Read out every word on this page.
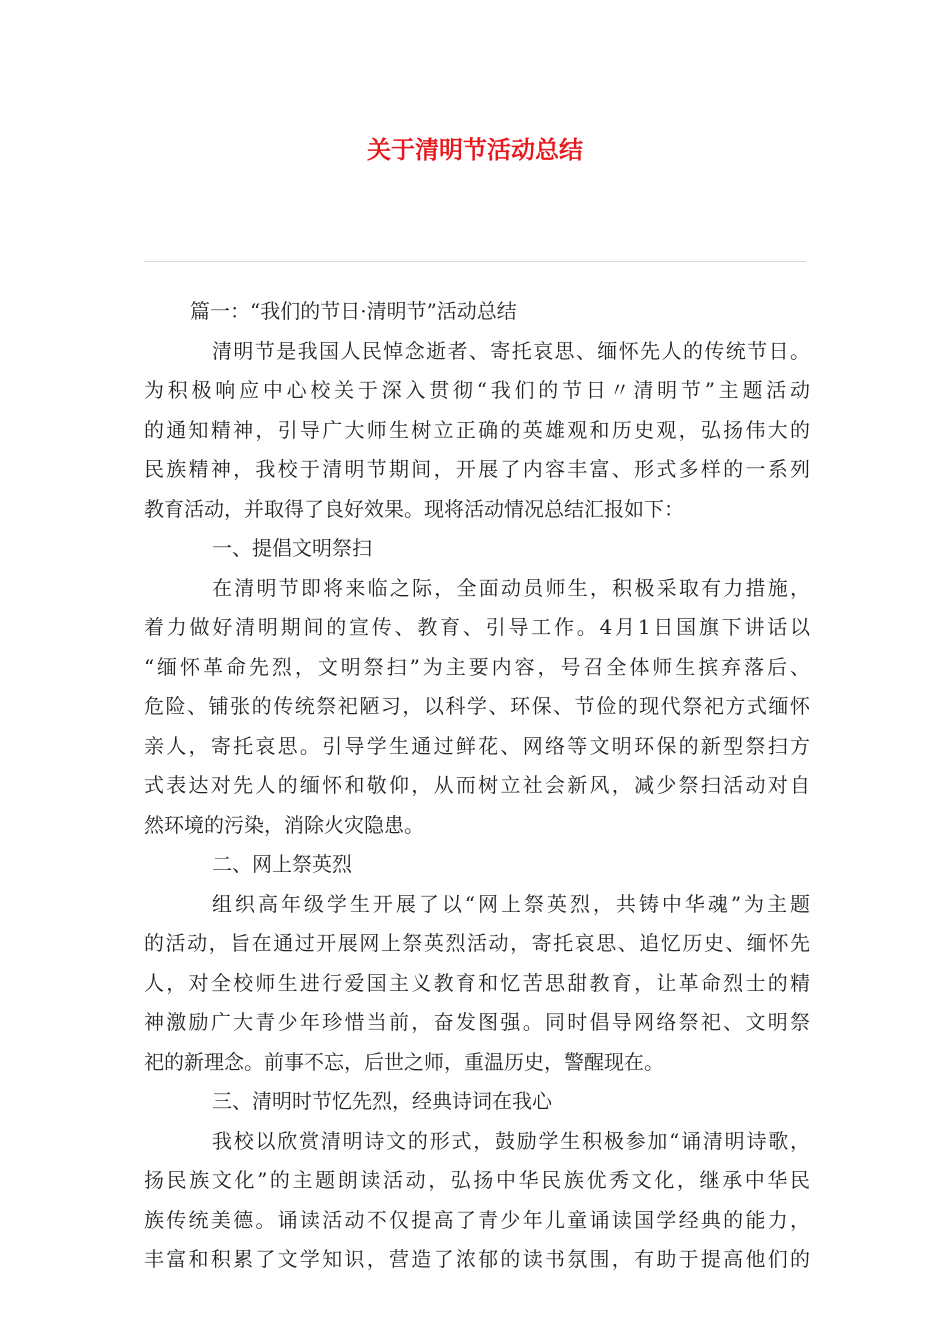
关于清明节活动总结
篇一：“我们的节日·清明节”活动总结
清明节是我国人民悼念逝者、寄托哀思、缅怀先人的传统节日。
为积极响应中心校关于深入贯彻“我们的节日〃清明节”主题活动
的通知精神，引导广大师生树立正确的英雄观和历史观，弘扬伟大的
民族精神，我校于清明节期间，开展了内容丰富、形式多样的一系列
教育活动，并取得了良好效果。现将活动情况总结汇报如下：
一、提倡文明祭扫
在清明节即将来临之际，全面动员师生，积极采取有力措施，
着力做好清明期间的宣传、教育、引导工作。4月1日国旗下讲话以
“缅怀革命先烈，文明祭扫”为主要内容，号召全体师生摈弃落后、
危险、铺张的传统祭祀陋习，以科学、环保、节俭的现代祭祀方式缅怀
亲人，寄托哀思。引导学生通过鲜花、网络等文明环保的新型祭扫方
式表达对先人的缅怀和敬仰，从而树立社会新风，减少祭扫活动对自
然环境的污染，消除火灾隐患。
二、网上祭英烈
组织高年级学生开展了以“网上祭英烈，共铸中华魂”为主题
的活动，旨在通过开展网上祭英烈活动，寄托哀思、追忆历史、缅怀先
人，对全校师生进行爱国主义教育和忆苦思甜教育，让革命烈士的精
神激励广大青少年珍惜当前，奋发图强。同时倡导网络祭祀、文明祭
祀的新理念。前事不忘，后世之师，重温历史，警醒现在。
三、清明时节忆先烈，经典诗词在我心
我校以欣赏清明诗文的形式，鼓励学生积极参加“诵清明诗歌，
扬民族文化”的主题朗读活动，弘扬中华民族优秀文化，继承中华民
族传统美德。诵读活动不仅提高了青少年儿童诵读国学经典的能力，
丰富和积累了文学知识，营造了浓郁的读书氛围，有助于提高他们的
